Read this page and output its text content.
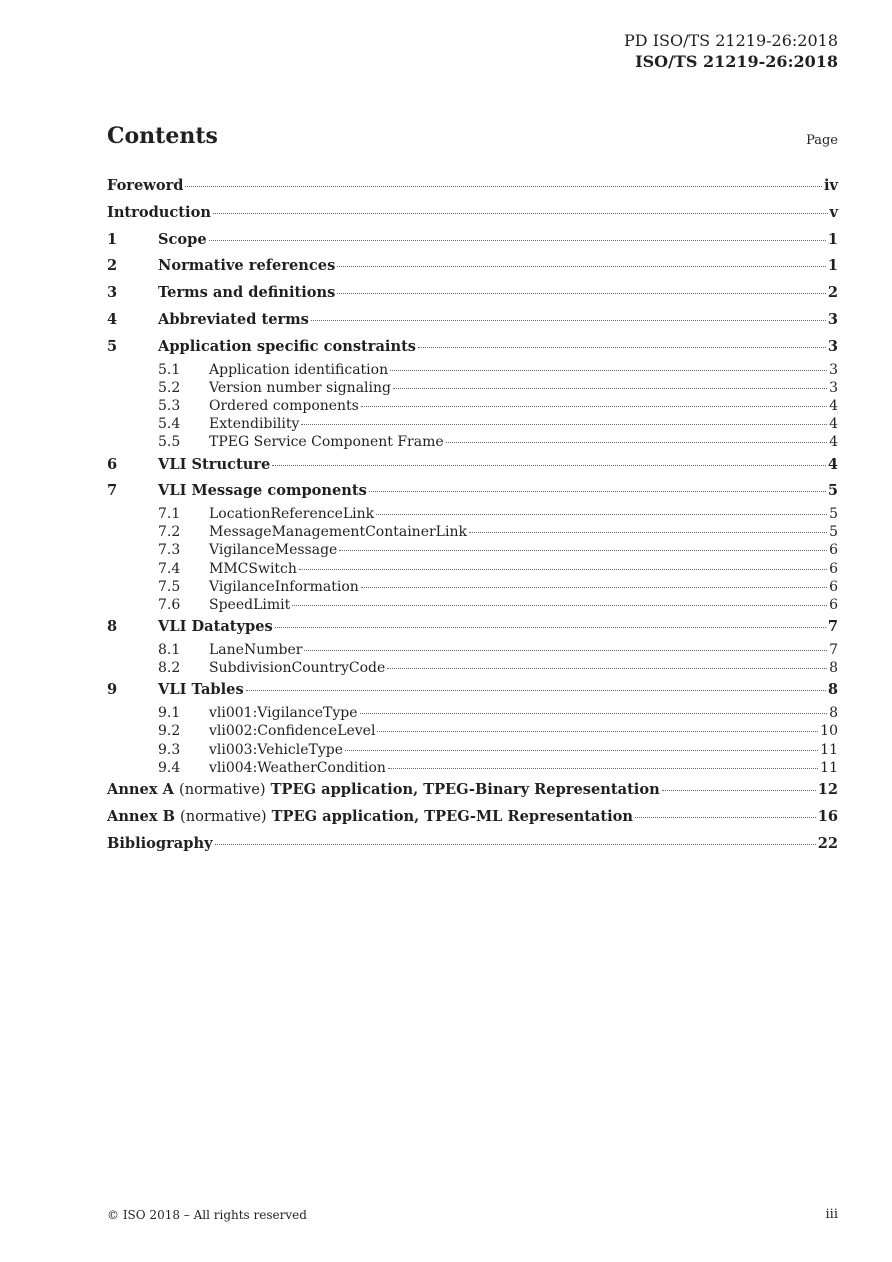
PD ISO/TS 21219-26:2018
ISO/TS 21219-26:2018
Contents	Page
Foreword	iv
Introduction	v
1	Scope	1
2	Normative references	1
3	Terms and definitions	2
4	Abbreviated terms	3
5	Application specific constraints	3
5.1	Application identification	3
5.2	Version number signaling	3
5.3	Ordered components	4
5.4	Extendibility	4
5.5	TPEG Service Component Frame	4
6	VLI Structure	4
7	VLI Message components	5
7.1	LocationReferenceLink	5
7.2	MessageManagementContainerLink	5
7.3	VigilanceMessage	6
7.4	MMCSwitch	6
7.5	VigilanceInformation	6
7.6	SpeedLimit	6
8	VLI Datatypes	7
8.1	LaneNumber	7
8.2	SubdivisionCountryCode	8
9	VLI Tables	8
9.1	vli001:VigilanceType	8
9.2	vli002:ConfidenceLevel	10
9.3	vli003:VehicleType	11
9.4	vli004:WeatherCondition	11
Annex A (normative) TPEG application, TPEG-Binary Representation	12
Annex B (normative) TPEG application, TPEG-ML Representation	16
Bibliography	22
© ISO 2018 – All rights reserved	iii
